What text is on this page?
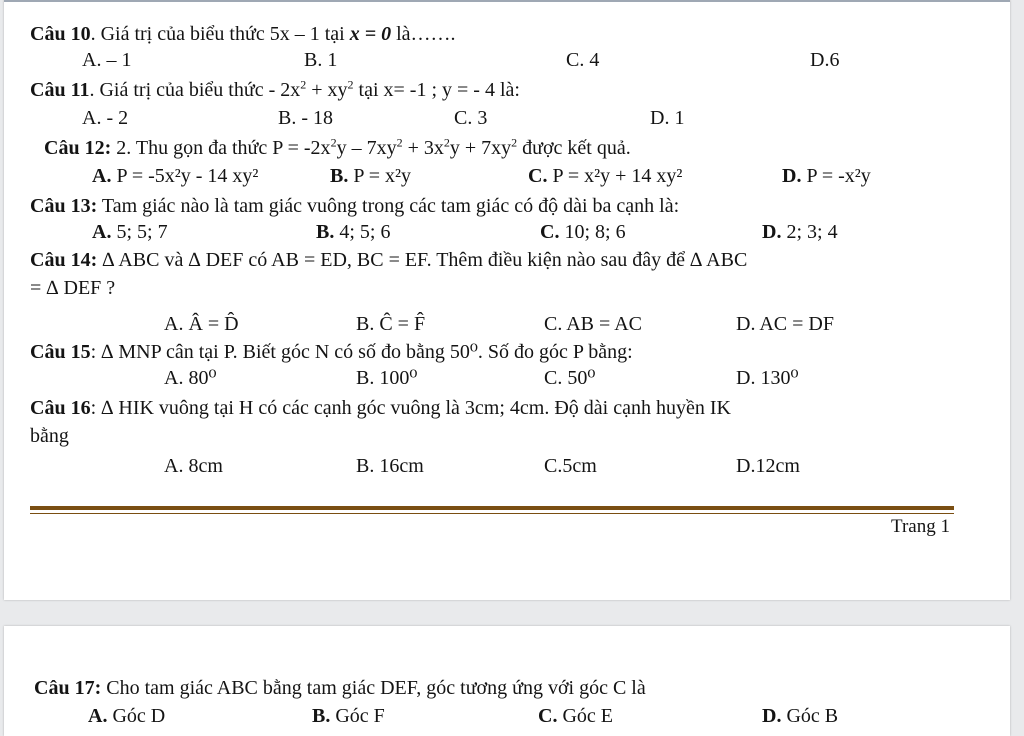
Câu 10. Giá trị của biểu thức 5x – 1 tại x = 0 là…….
A. – 1	B. 1	C. 4	D.6
Câu 11. Giá trị của biểu thức - $2x^2 + xy^2$ tại x= -1 ; y = - 4 là:
A. - 2	B. - 18	C. 3	D. 1
Câu 12: 2. Thu gọn đa thức $P = -2x^2y - 7xy^2 + 3x^2y + 7xy^2$ được kết quả.
A. P = -5x²y - 14 xy²	B. P = x²y	C. P = x²y + 14 xy²	D. P = -x²y
Câu 13: Tam giác nào là tam giác vuông trong các tam giác có độ dài ba cạnh là:
A. 5; 5; 7	B. 4; 5; 6	C. 10; 8; 6	D. 2; 3; 4
Câu 14: ∆ ABC và ∆ DEF có AB = ED, BC = EF. Thêm điều kiện nào sau đây để ∆ ABC
= ∆ DEF ?
A. Â = D̂	B. Ĉ = F̂	C. AB = AC	D. AC = DF
Câu 15: ∆ MNP cân tại P. Biết góc N có số đo bằng 50⁰. Số đo góc P bằng:
A. 80⁰	B. 100⁰	C. 50⁰	D. 130⁰
Câu 16: ∆ HIK vuông tại H có các cạnh góc vuông là 3cm; 4cm. Độ dài cạnh huyền IK
bằng
A. 8cm	B. 16cm	C.5cm	D.12cm
Trang 1
Câu 17: Cho tam giác ABC bằng tam giác DEF, góc tương ứng với góc C là
A. Góc D	B. Góc F	C. Góc E	D. Góc B
